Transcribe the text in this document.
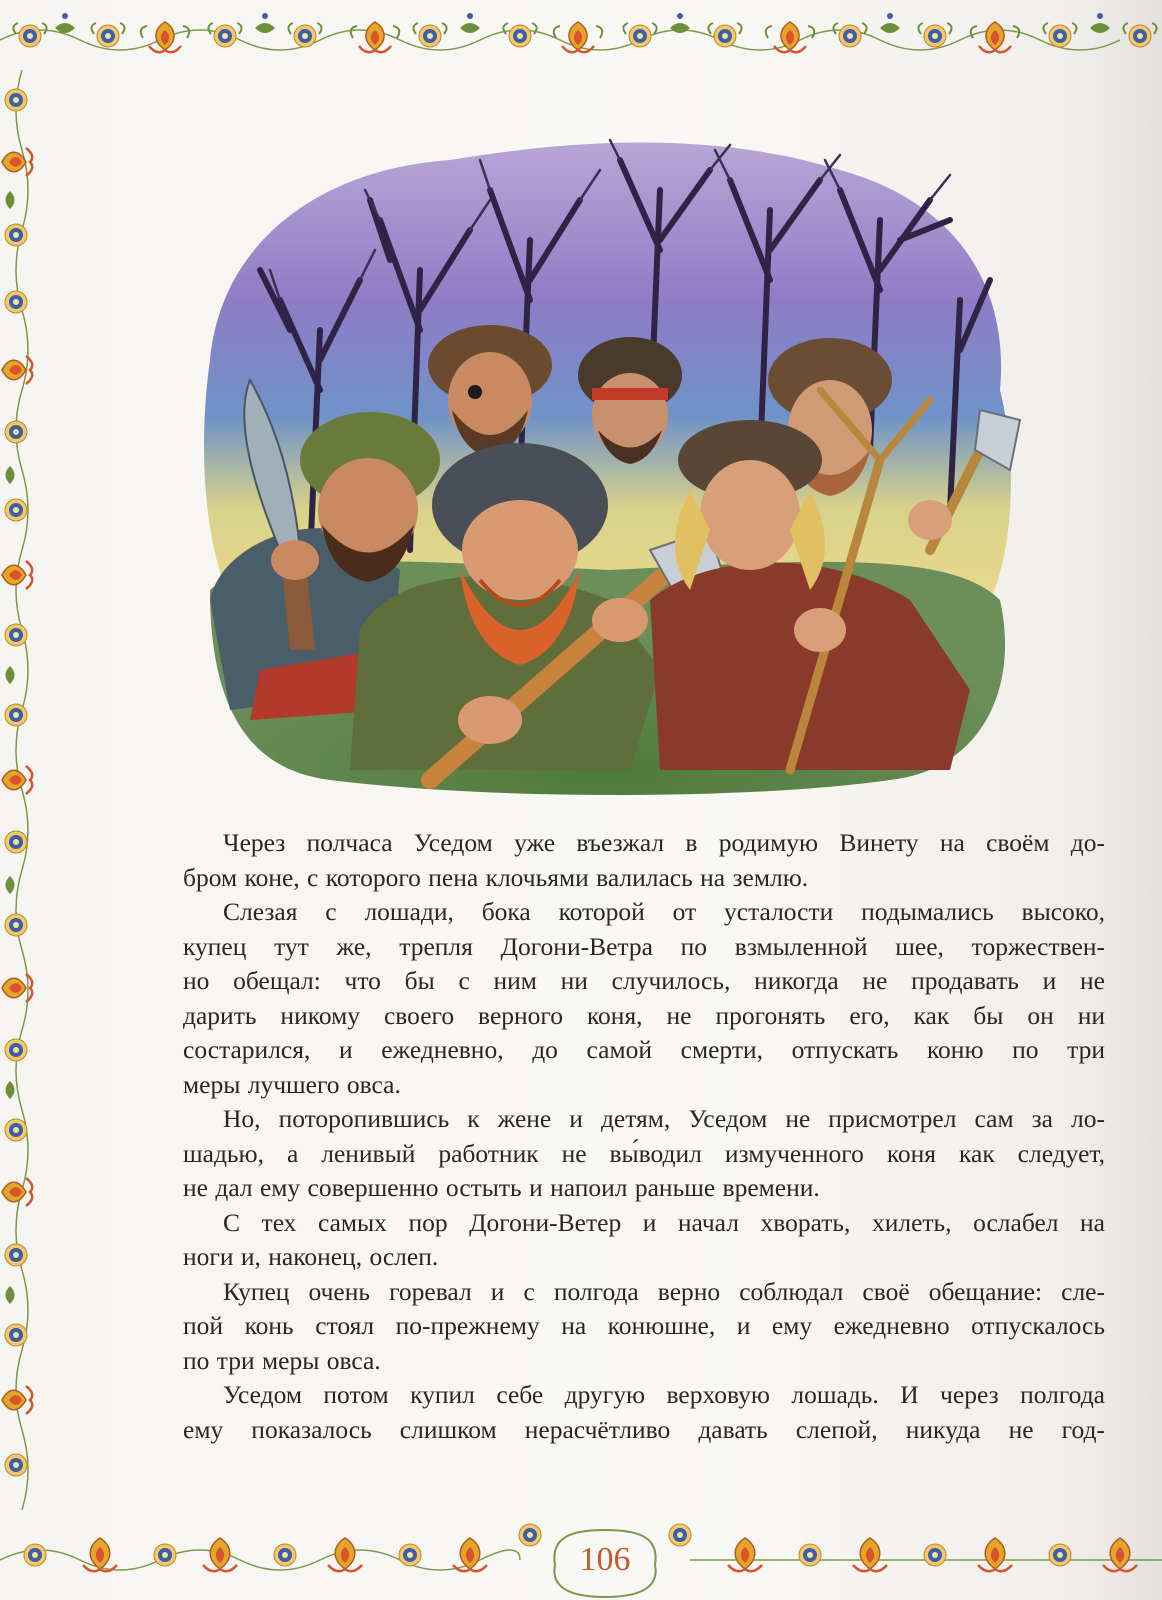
Через полчаса Уседом уже въезжал в родимую Винету на своём до-
бром коне, с которого пена клочьями валилась на землю.

Слезая с лошади, бока которой от усталости подымались высоко,
купец тут же, трепля Догони-Ветра по взмыленной шее, торжествен-
но обещал: что бы с ним ни случилось, никогда не продавать и не
дарить никому своего верного коня, не прогонять его, как бы он ни
состарился, и ежедневно, до самой смерти, отпускать коню по три
меры лучшего овса.

Но, поторопившись к жене и детям, Уседом не присмотрел сам за ло-
шадью, а ленивый работник не вы́водил измученного коня как следует,
не дал ему совершенно остыть и напоил раньше времени.

С тех самых пор Догони-Ветер и начал хворать, хилеть, ослабел на
ноги и, наконец, ослеп.

Купец очень горевал и с полгода верно соблюдал своё обещание: сле-
пой конь стоял по-прежнему на конюшне, и ему ежедневно отпускалось
по три меры овса.

Уседом потом купил себе другую верховую лошадь. И через полгода
ему показалось слишком нерасчётливо давать слепой, никуда не год-

106
